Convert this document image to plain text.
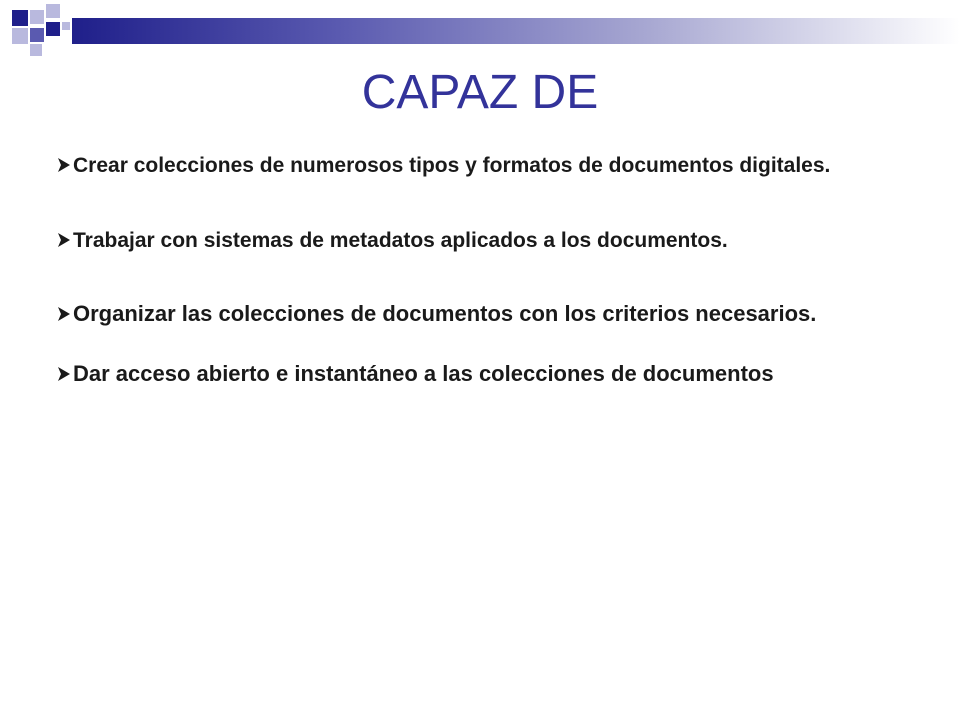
CAPAZ DE
Crear colecciones de numerosos tipos y formatos de documentos digitales.
Trabajar con sistemas de metadatos aplicados a los documentos.
Organizar las colecciones de documentos con los criterios necesarios.
Dar acceso abierto e instantáneo a las colecciones de documentos
